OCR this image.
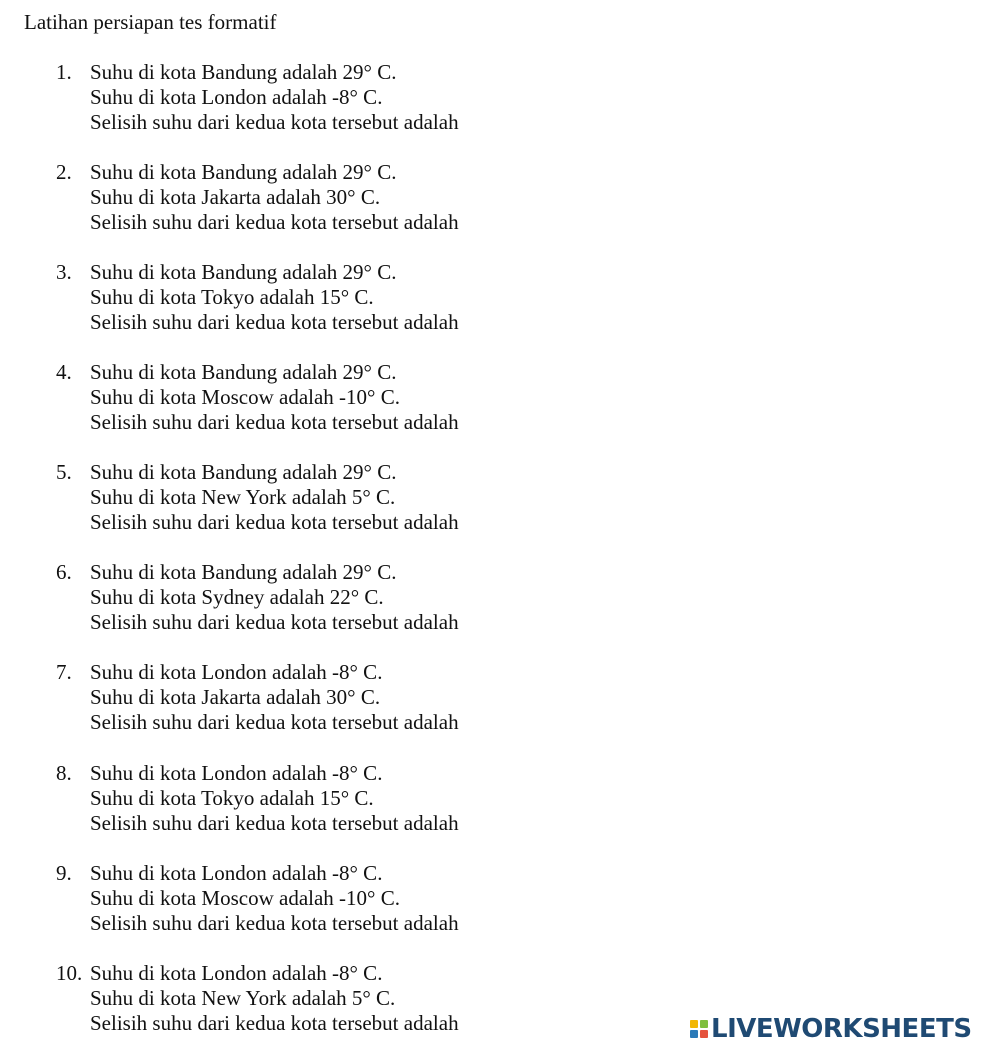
Latihan persiapan tes formatif
1. Suhu di kota Bandung adalah 29° C.
Suhu di kota London adalah -8° C.
Selisih suhu dari kedua kota tersebut adalah
2. Suhu di kota Bandung adalah 29° C.
Suhu di kota Jakarta adalah 30° C.
Selisih suhu dari kedua kota tersebut adalah
3. Suhu di kota Bandung adalah 29° C.
Suhu di kota Tokyo adalah 15° C.
Selisih suhu dari kedua kota tersebut adalah
4. Suhu di kota Bandung adalah 29° C.
Suhu di kota Moscow adalah -10° C.
Selisih suhu dari kedua kota tersebut adalah
5. Suhu di kota Bandung adalah 29° C.
Suhu di kota New York adalah 5° C.
Selisih suhu dari kedua kota tersebut adalah
6. Suhu di kota Bandung adalah 29° C.
Suhu di kota Sydney adalah 22° C.
Selisih suhu dari kedua kota tersebut adalah
7. Suhu di kota London adalah -8° C.
Suhu di kota Jakarta adalah 30° C.
Selisih suhu dari kedua kota tersebut adalah
8. Suhu di kota London adalah -8° C.
Suhu di kota Tokyo adalah 15° C.
Selisih suhu dari kedua kota tersebut adalah
9. Suhu di kota London adalah -8° C.
Suhu di kota Moscow adalah -10° C.
Selisih suhu dari kedua kota tersebut adalah
10. Suhu di kota London adalah -8° C.
Suhu di kota New York adalah 5° C.
Selisih suhu dari kedua kota tersebut adalah	LIVEWORKSHEETS
